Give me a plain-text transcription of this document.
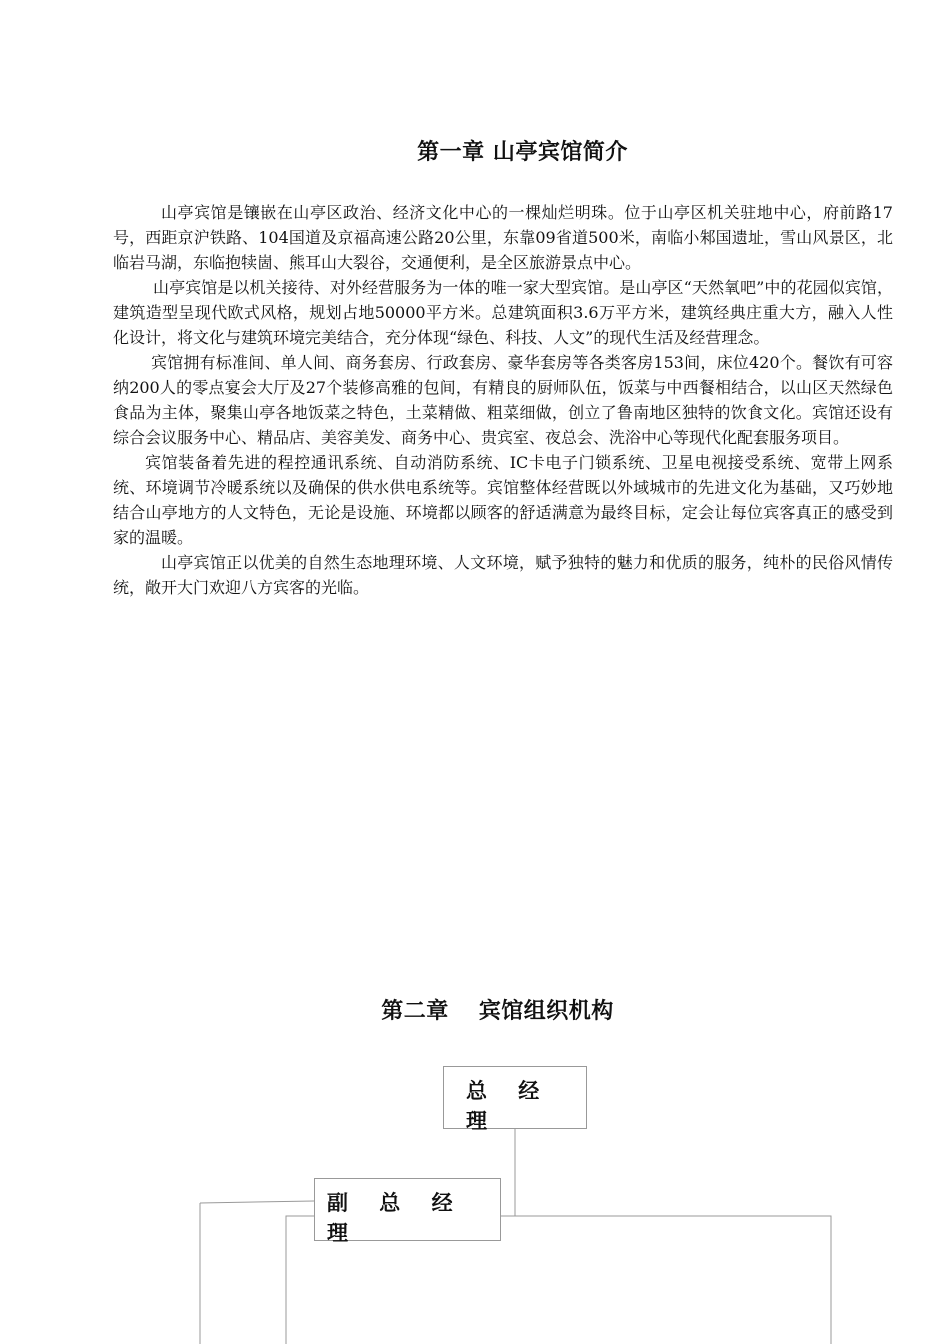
第一章 山亭宾馆简介

山亭宾馆是镶嵌在山亭区政治、经济文化中心的一棵灿烂明珠。位于山亭区机关驻地中心，府前路17号，西距京沪铁路、104国道及京福高速公路20公里，东靠09省道500米，南临小邾国遗址，雪山风景区，北临岩马湖，东临抱犊崮、熊耳山大裂谷，交通便利，是全区旅游景点中心。

山亭宾馆是以机关接待、对外经营服务为一体的唯一家大型宾馆。是山亭区“天然氧吧”中的花园似宾馆，建筑造型呈现代欧式风格，规划占地50000平方米。总建筑面积3.6万平方米，建筑经典庄重大方，融入人性化设计，将文化与建筑环境完美结合，充分体现“绿色、科技、人文”的现代生活及经营理念。

宾馆拥有标准间、单人间、商务套房、行政套房、豪华套房等各类客房153间，床位420个。餐饮有可容纳200人的零点宴会大厅及27个装修高雅的包间，有精良的厨师队伍，饭菜与中西餐相结合，以山区天然绿色食品为主体，聚集山亭各地饭菜之特色，土菜精做、粗菜细做，创立了鲁南地区独特的饮食文化。宾馆还设有综合会议服务中心、精品店、美容美发、商务中心、贵宾室、夜总会、洗浴中心等现代化配套服务项目。

宾馆装备着先进的程控通讯系统、自动消防系统、IC卡电子门锁系统、卫星电视接受系统、宽带上网系统、环境调节冷暖系统以及确保的供水供电系统等。宾馆整体经营既以外域城市的先进文化为基础，又巧妙地结合山亭地方的人文特色，无论是设施、环境都以顾客的舒适满意为最终目标，定会让每位宾客真正的感受到家的温暖。

山亭宾馆正以优美的自然生态地理环境、人文环境，赋予独特的魅力和优质的服务，纯朴的民俗风情传统，敞开大门欢迎八方宾客的光临。

第二章 宾馆组织机构
总 经 理
副 总 经 理
